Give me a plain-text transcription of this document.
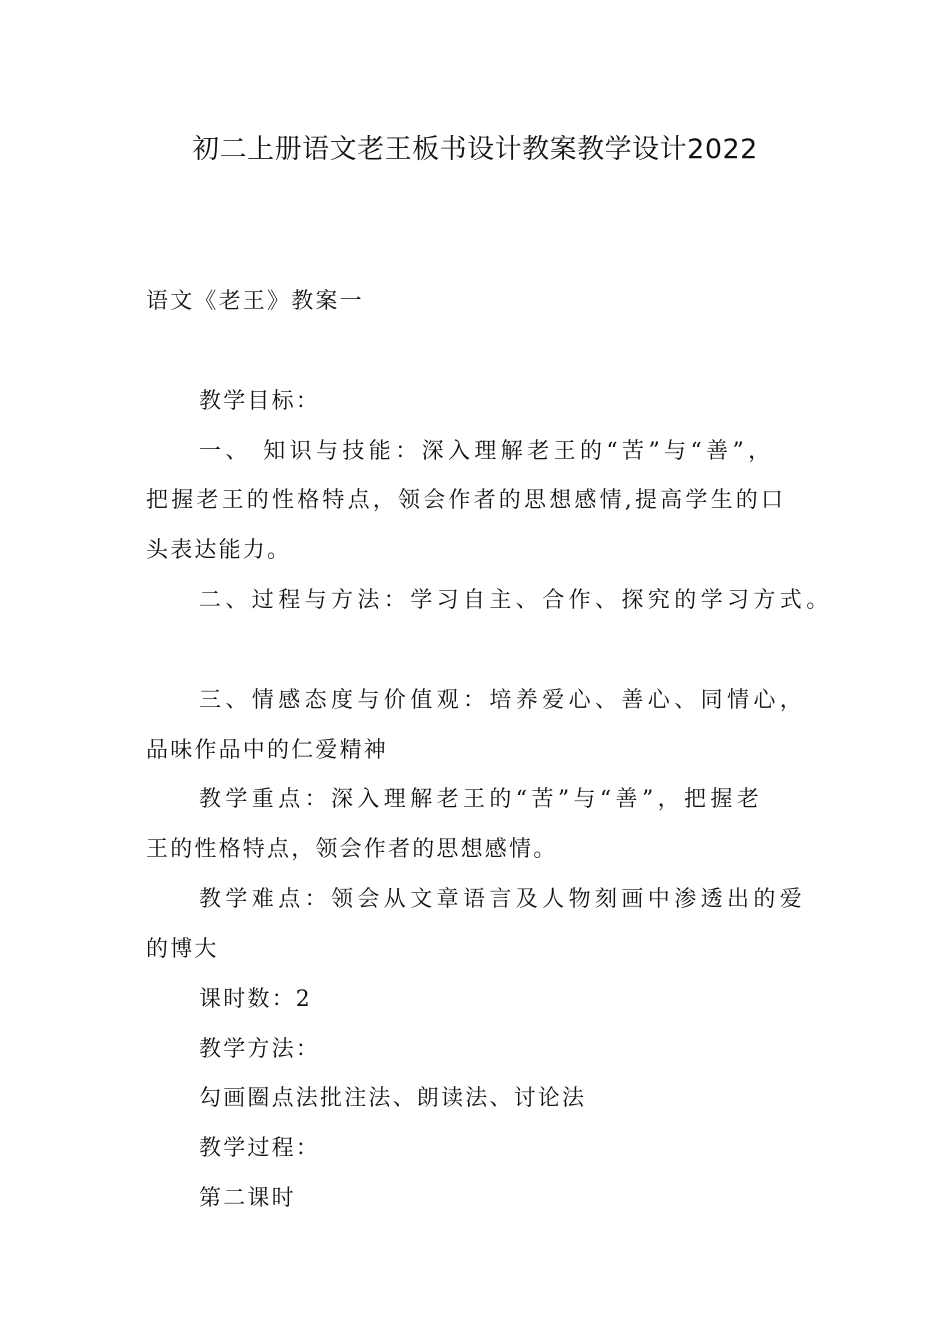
初二上册语文老王板书设计教案教学设计2022
语文《老王》教案一
教学目标：
一、 知识与技能：深入理解老王的“苦”与“善”，
把握老王的性格特点，领会作者的思想感情,提高学生的口
头表达能力。
二、过程与方法：学习自主、合作、探究的学习方式。
三、情感态度与价值观：培养爱心、善心、同情心，
品味作品中的仁爱精神
教学重点：深入理解老王的“苦”与“善”，把握老
王的性格特点，领会作者的思想感情。
教学难点：领会从文章语言及人物刻画中渗透出的爱
的博大
课时数：2
教学方法：
勾画圈点法批注法、朗读法、讨论法
教学过程：
第二课时
